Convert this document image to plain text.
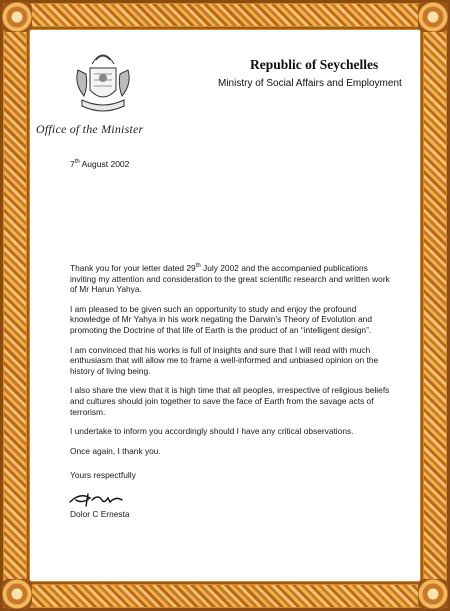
Office of the Minister
Republic of Seychelles
Ministry of Social Affairs and Employment
7th August 2002

Thank you for your letter dated 29th July 2002 and the accompanied publications inviting my attention and consideration to the great scientific research and written work of Mr Harun Yahya.

I am pleased to be given such an opportunity to study and enjoy the profound knowledge of Mr Yahya in his work negating the Darwin’s Theory of Evolution and promoting the Doctrine of that life of Earth is the product of an “intelligent design”.

I am convinced that his works is full of insights and sure that I will read with much enthusiasm that will allow me to frame a well-informed and unbiased opinion on the history of living being.

I also share the view that it is high time that all peoples, irrespective of religious beliefs and cultures should join together to save the face of Earth from the savage acts of terrorism.

I undertake to inform you accordingly should I have any critical observations.

Once again, I thank you.

Yours respectfully
Dolor C Ernesta
